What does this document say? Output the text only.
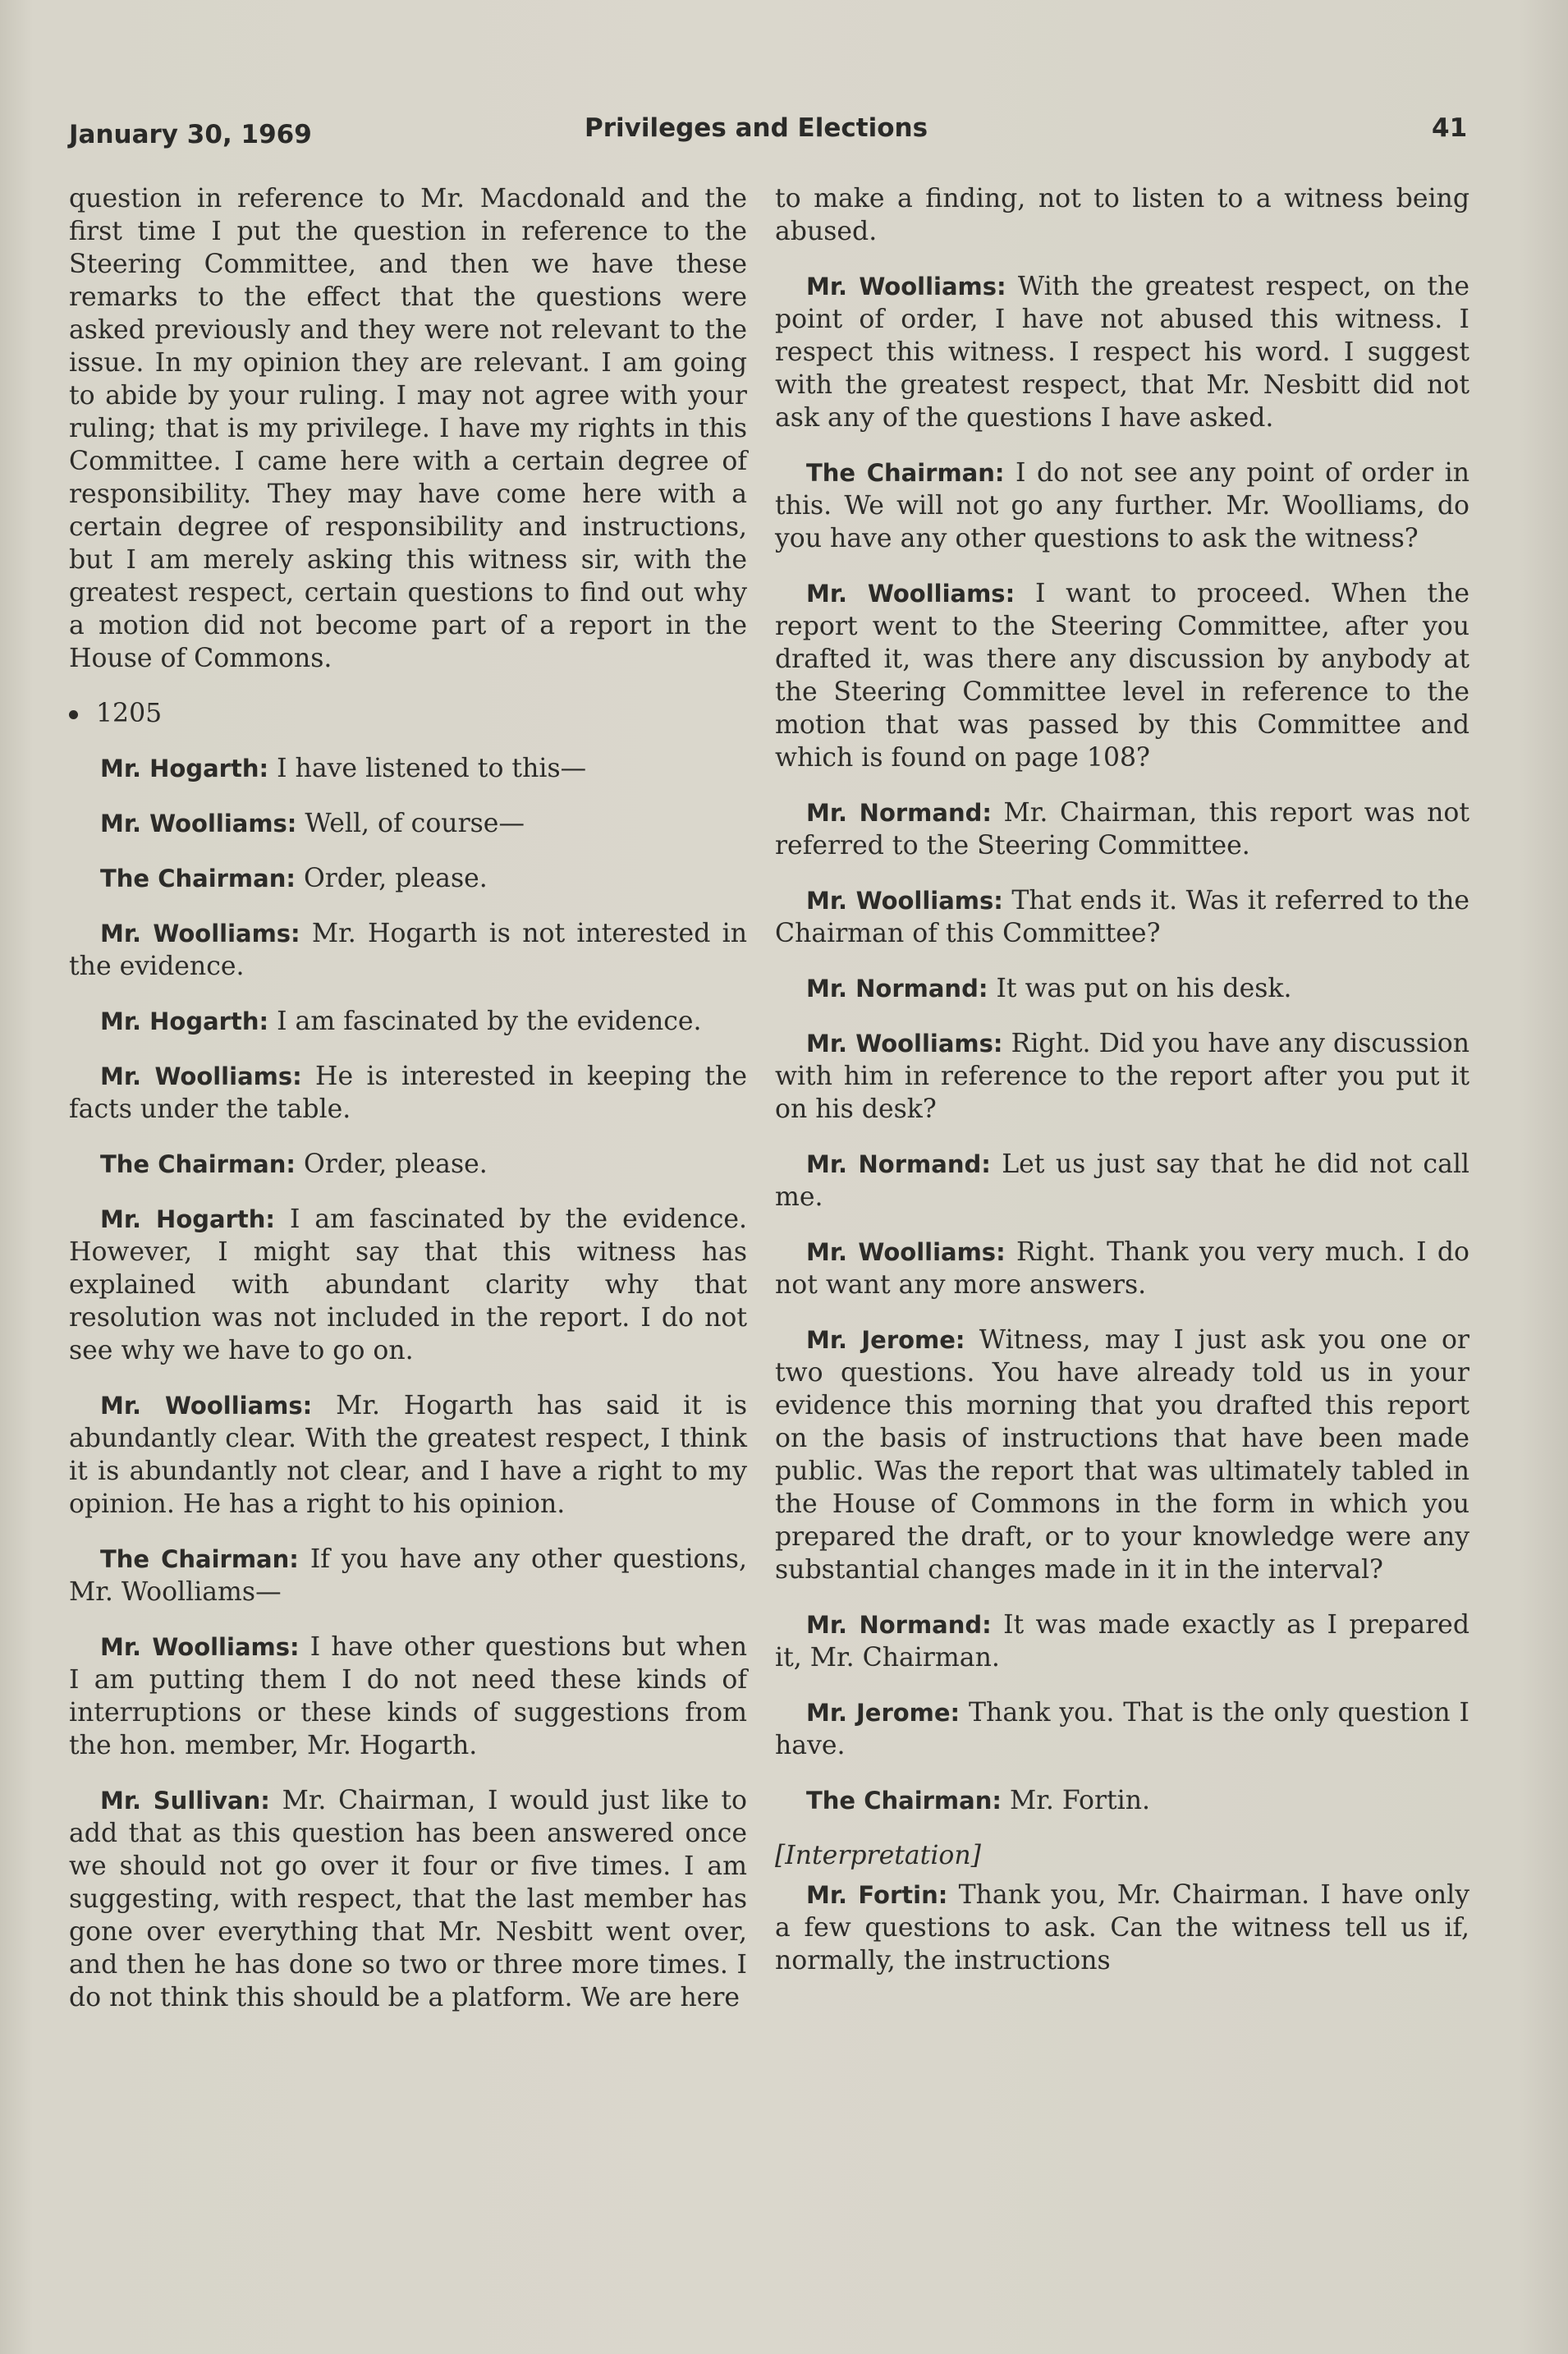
January 30, 1969	Privileges and Elections	41

question in reference to Mr. Macdonald and the first time I put the question in reference to the Steering Committee, and then we have these remarks to the effect that the questions were asked previously and they were not relevant to the issue. In my opinion they are relevant. I am going to abide by your ruling. I may not agree with your ruling; that is my privilege. I have my rights in this Committee. I came here with a certain degree of responsibility. They may have come here with a certain degree of responsibility and instructions, but I am merely asking this witness sir, with the greatest respect, certain questions to find out why a motion did not become part of a report in the House of Commons.

1205

Mr. Hogarth: I have listened to this—

Mr. Woolliams: Well, of course—

The Chairman: Order, please.

Mr. Woolliams: Mr. Hogarth is not interested in the evidence.

Mr. Hogarth: I am fascinated by the evidence.

Mr. Woolliams: He is interested in keeping the facts under the table.

The Chairman: Order, please.

Mr. Hogarth: I am fascinated by the evidence. However, I might say that this witness has explained with abundant clarity why that resolution was not included in the report. I do not see why we have to go on.

Mr. Woolliams: Mr. Hogarth has said it is abundantly clear. With the greatest respect, I think it is abundantly not clear, and I have a right to my opinion. He has a right to his opinion.

The Chairman: If you have any other questions, Mr. Woolliams—

Mr. Woolliams: I have other questions but when I am putting them I do not need these kinds of interruptions or these kinds of suggestions from the hon. member, Mr. Hogarth.

Mr. Sullivan: Mr. Chairman, I would just like to add that as this question has been answered once we should not go over it four or five times. I am suggesting, with respect, that the last member has gone over everything that Mr. Nesbitt went over, and then he has done so two or three more times. I do not think this should be a platform. We are here

to make a finding, not to listen to a witness being abused.

Mr. Woolliams: With the greatest respect, on the point of order, I have not abused this witness. I respect this witness. I respect his word. I suggest with the greatest respect, that Mr. Nesbitt did not ask any of the questions I have asked.

The Chairman: I do not see any point of order in this. We will not go any further. Mr. Woolliams, do you have any other questions to ask the witness?

Mr. Woolliams: I want to proceed. When the report went to the Steering Committee, after you drafted it, was there any discussion by anybody at the Steering Committee level in reference to the motion that was passed by this Committee and which is found on page 108?

Mr. Normand: Mr. Chairman, this report was not referred to the Steering Committee.

Mr. Woolliams: That ends it. Was it referred to the Chairman of this Committee?

Mr. Normand: It was put on his desk.

Mr. Woolliams: Right. Did you have any discussion with him in reference to the report after you put it on his desk?

Mr. Normand: Let us just say that he did not call me.

Mr. Woolliams: Right. Thank you very much. I do not want any more answers.

Mr. Jerome: Witness, may I just ask you one or two questions. You have already told us in your evidence this morning that you drafted this report on the basis of instructions that have been made public. Was the report that was ultimately tabled in the House of Commons in the form in which you prepared the draft, or to your knowledge were any substantial changes made in it in the interval?

Mr. Normand: It was made exactly as I prepared it, Mr. Chairman.

Mr. Jerome: Thank you. That is the only question I have.

The Chairman: Mr. Fortin.

[Interpretation]

Mr. Fortin: Thank you, Mr. Chairman. I have only a few questions to ask. Can the witness tell us if, normally, the instructions
